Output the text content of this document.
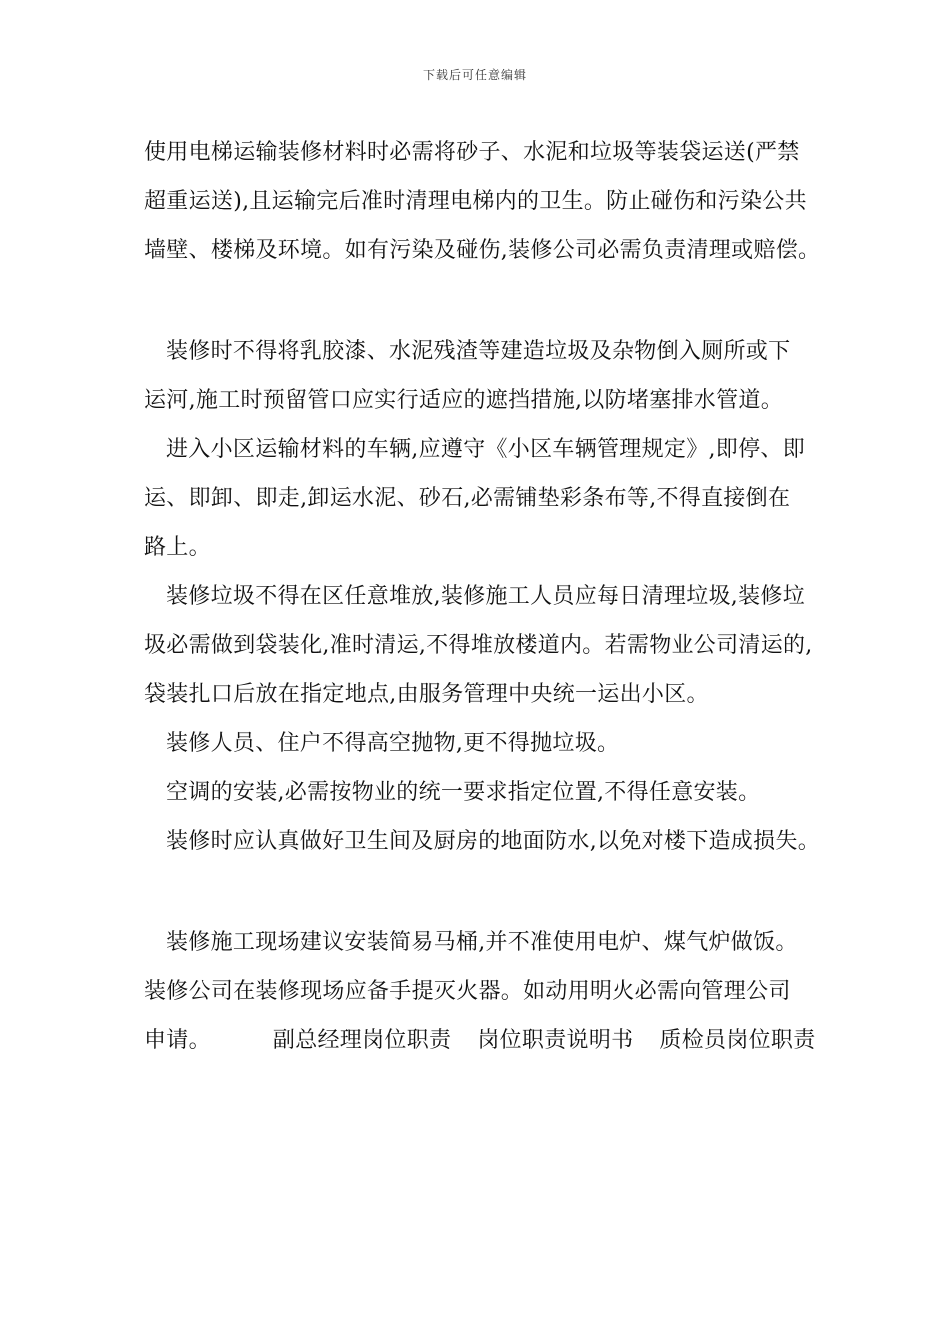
下载后可任意编辑
使用电梯运输装修材料时必需将砂子、水泥和垃圾等装袋运送(严禁
超重运送),且运输完后准时清理电梯内的卫生。防止碰伤和污染公共
墙壁、楼梯及环境。如有污染及碰伤,装修公司必需负责清理或赔偿。
装修时不得将乳胶漆、水泥残渣等建造垃圾及杂物倒入厕所或下
运河,施工时预留管口应实行适应的遮挡措施,以防堵塞排水管道。
进入小区运输材料的车辆,应遵守《小区车辆管理规定》,即停、即
运、即卸、即走,卸运水泥、砂石,必需铺垫彩条布等,不得直接倒在
路上。
装修垃圾不得在区任意堆放,装修施工人员应每日清理垃圾,装修垃
圾必需做到袋装化,准时清运,不得堆放楼道内。若需物业公司清运的,
袋装扎口后放在指定地点,由服务管理中央统一运出小区。
装修人员、住户不得高空抛物,更不得抛垃圾。
空调的安装,必需按物业的统一要求指定位置,不得任意安装。
装修时应认真做好卫生间及厨房的地面防水,以免对楼下造成损失。
装修施工现场建议安装简易马桶,并不准使用电炉、煤气炉做饭。
装修公司在装修现场应备手提灭火器。如动用明火必需向管理公司
申请。	副总经理岗位职责 岗位职责说明书 质检员岗位职责
